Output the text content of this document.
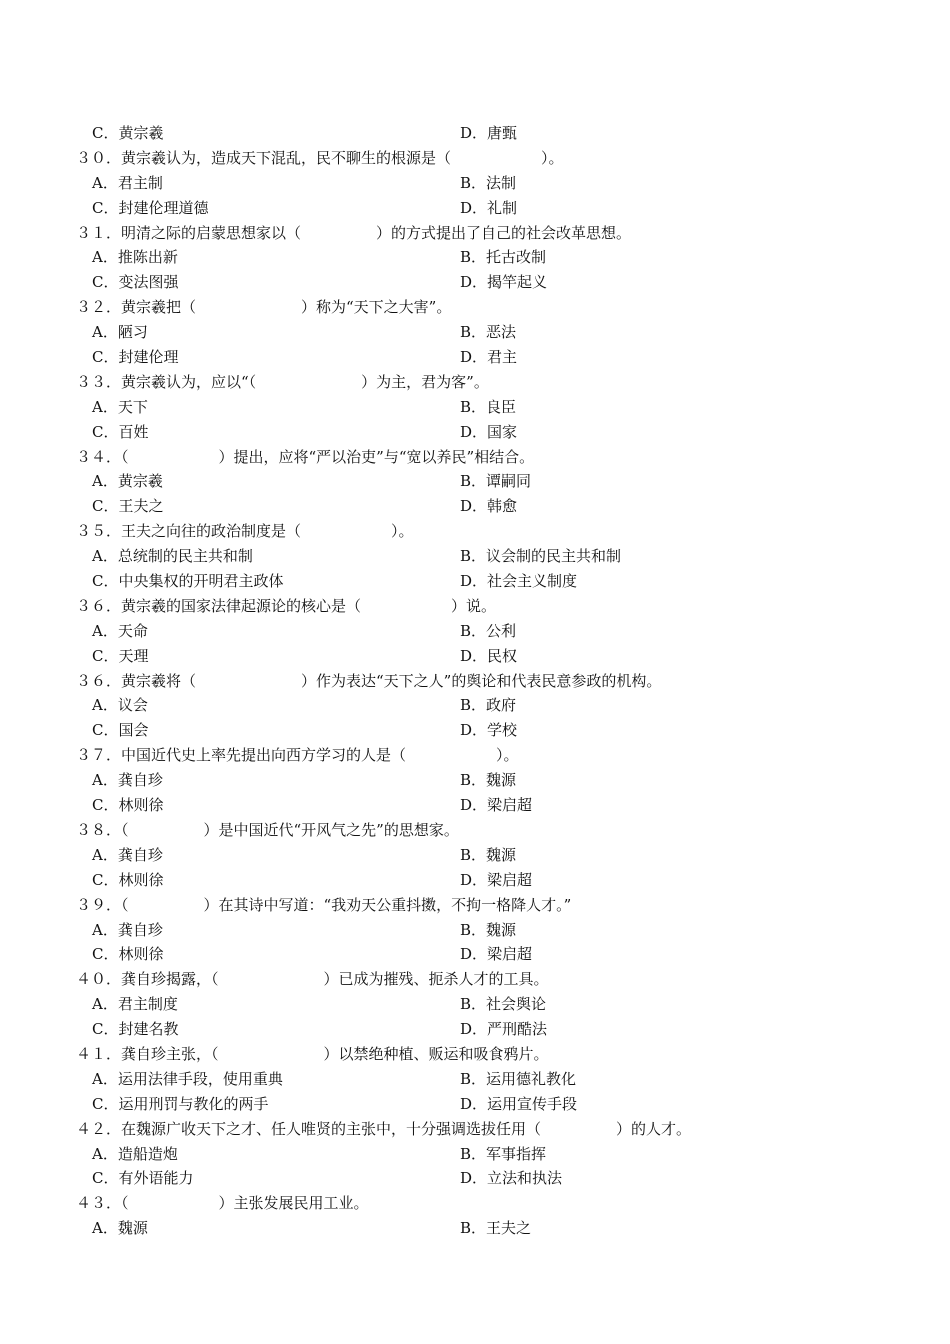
C．黄宗羲	D．唐甄
３０．黄宗羲认为，造成天下混乱，民不聊生的根源是（　　　　　　）。
A．君主制	B．法制
C．封建伦理道德	D．礼制
３１．明清之际的启蒙思想家以（　　　　　）的方式提出了自己的社会改革思想。
A．推陈出新	B．托古改制
C．变法图强	D．揭竿起义
３２．黄宗羲把（　　　　　　　）称为“天下之大害”。
A．陋习	B．恶法
C．封建伦理	D．君主
３３．黄宗羲认为，应以“（　　　　　　　）为主，君为客”。
A．天下	B．良臣
C．百姓	D．国家
３４．（　　　　　　）提出，应将“严以治吏”与“宽以养民”相结合。
A．黄宗羲	B．谭嗣同
C．王夫之	D．韩愈
３５．王夫之向往的政治制度是（　　　　　　）。
A．总统制的民主共和制	B．议会制的民主共和制
C．中央集权的开明君主政体	D．社会主义制度
３６．黄宗羲的国家法律起源论的核心是（　　　　　　）说。
A．天命	B．公利
C．天理	D．民权
３６．黄宗羲将（　　　　　　　）作为表达“天下之人”的舆论和代表民意参政的机构。
A．议会	B．政府
C．国会	D．学校
３７．中国近代史上率先提出向西方学习的人是（　　　　　　）。
A．龚自珍	B．魏源
C．林则徐	D．梁启超
３８．（　　　　　）是中国近代“开风气之先”的思想家。
A．龚自珍	B．魏源
C．林则徐	D．梁启超
３９．（　　　　　）在其诗中写道：“我劝天公重抖擞，不拘一格降人才。”
A．龚自珍	B．魏源
C．林则徐	D．梁启超
４０．龚自珍揭露，（　　　　　　　）已成为摧残、扼杀人才的工具。
A．君主制度	B．社会舆论
C．封建名教	D．严刑酷法
４１．龚自珍主张，（　　　　　　　）以禁绝种植、贩运和吸食鸦片。
A．运用法律手段，使用重典	B．运用德礼教化
C．运用刑罚与教化的两手	D．运用宣传手段
４２．在魏源广收天下之才、任人唯贤的主张中，十分强调选拔任用（　　　　　）的人才。
A．造船造炮	B．军事指挥
C．有外语能力	D．立法和执法
４３．（　　　　　　）主张发展民用工业。
A．魏源	B．王夫之
